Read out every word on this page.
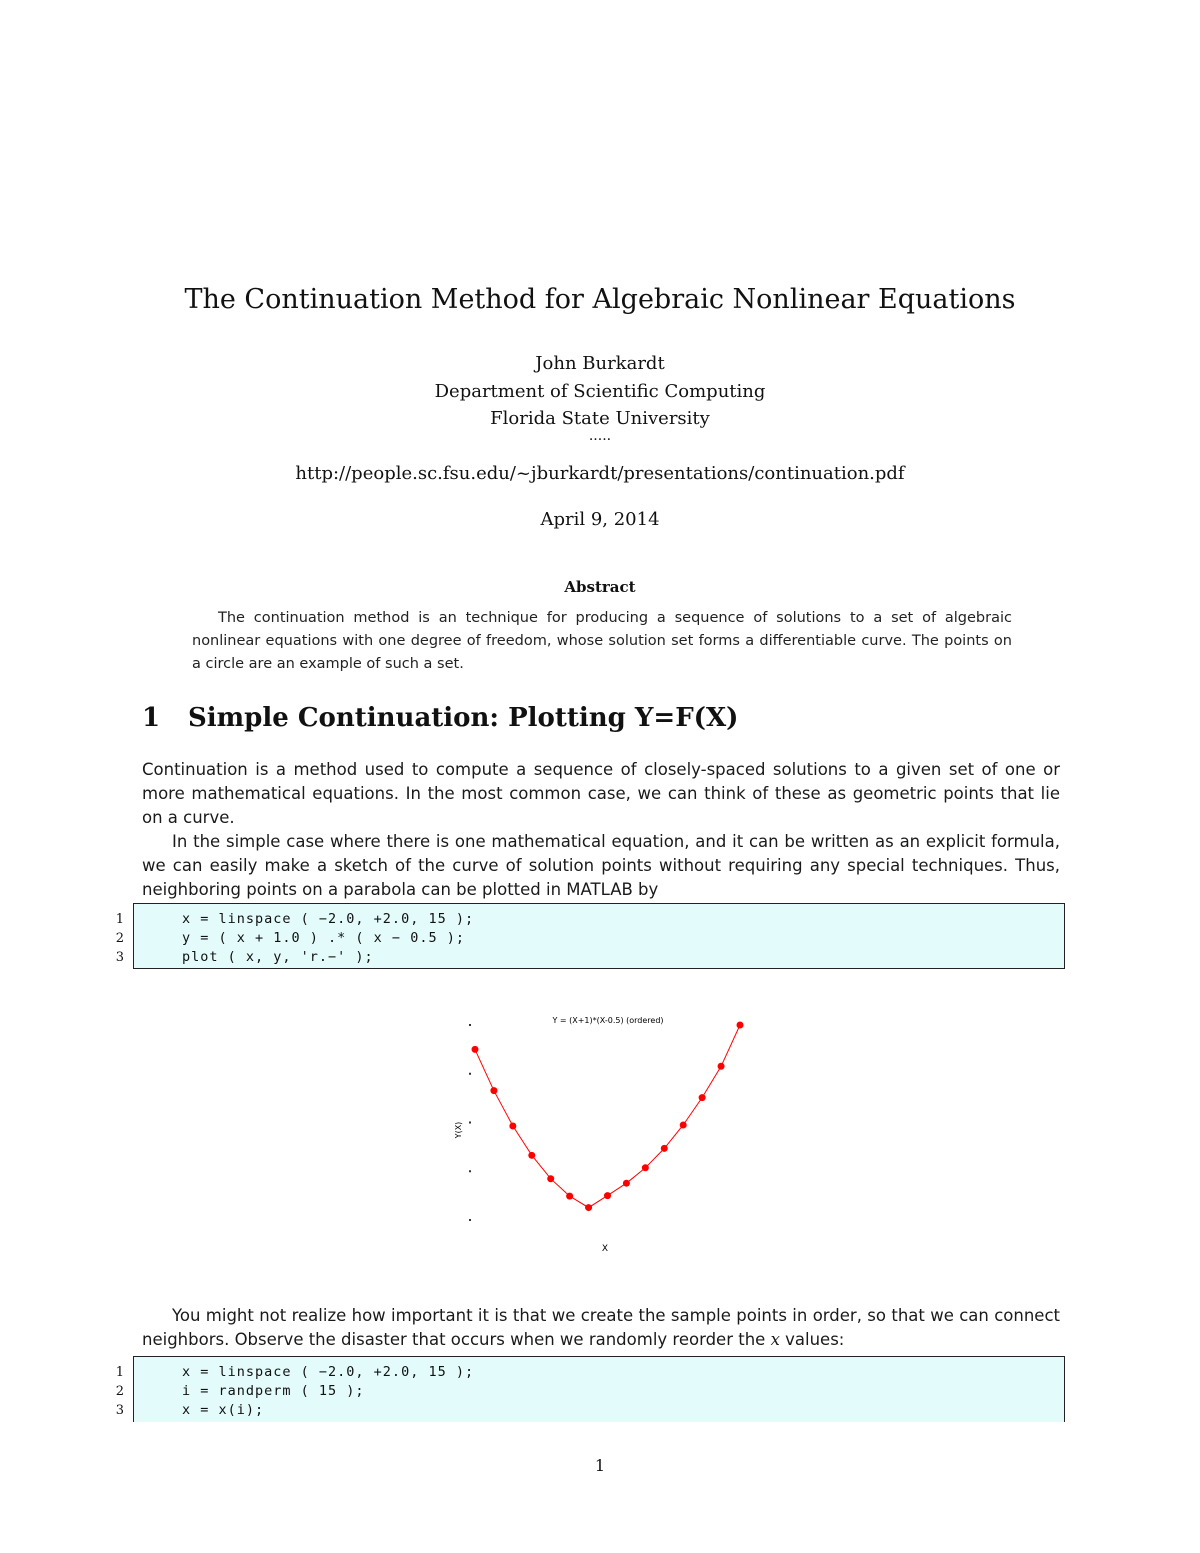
The Continuation Method for Algebraic Nonlinear Equations
John Burkardt
Department of Scientific Computing
Florida State University
.....
http://people.sc.fsu.edu/~jburkardt/presentations/continuation.pdf
April 9, 2014
Abstract
The continuation method is an technique for producing a sequence of solutions to a set of algebraic nonlinear equations with one degree of freedom, whose solution set forms a differentiable curve. The points on a circle are an example of such a set.
1 Simple Continuation: Plotting Y=F(X)
Continuation is a method used to compute a sequence of closely-spaced solutions to a given set of one or more mathematical equations. In the most common case, we can think of these as geometric points that lie on a curve.
In the simple case where there is one mathematical equation, and it can be written as an explicit formula, we can easily make a sketch of the curve of solution points without requiring any special techniques. Thus, neighboring points on a parabola can be plotted in MATLAB by
1	x = linspace ( −2.0, +2.0, 15 );
2	y = ( x + 1.0 ) .* ( x − 0.5 );
3	plot ( x, y, 'r.−' );
Y = (X+1)*(X-0.5) (ordered)
X
Y(X)
You might not realize how important it is that we create the sample points in order, so that we can connect neighbors. Observe the disaster that occurs when we randomly reorder the x values:
1	x = linspace ( −2.0, +2.0, 15 );
2	i = randperm ( 15 );
3	x = x(i);
1
